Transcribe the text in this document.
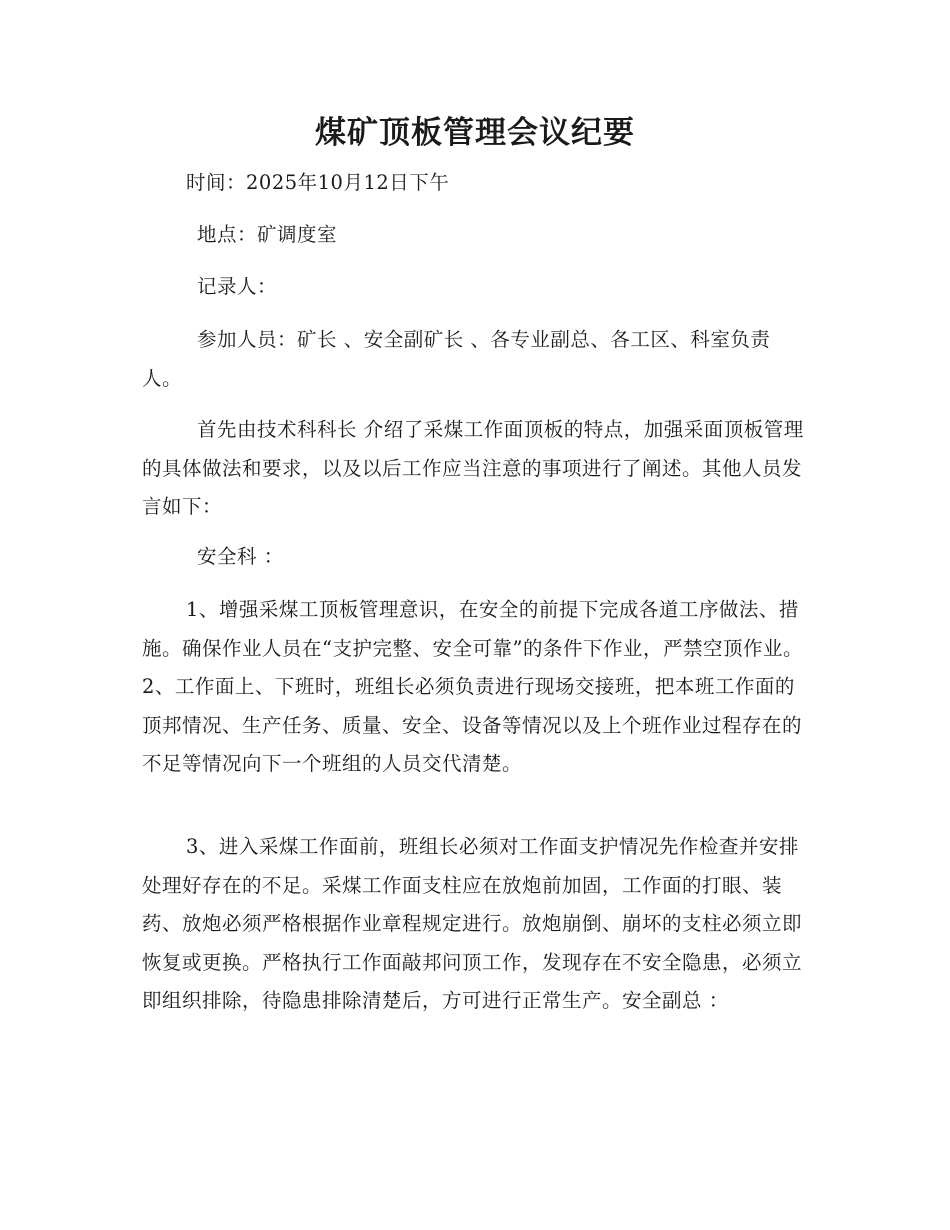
煤矿顶板管理会议纪要
时间：2025年10月12日下午
地点：矿调度室
记录人：

参加人员：矿长 、安全副矿长 、各专业副总、各工区、科室负责人。

首先由技术科科长 介绍了采煤工作面顶板的特点，加强采面顶板管理的具体做法和要求，以及以后工作应当注意的事项进行了阐述。其他人员发言如下：

安全科 ：

1、增强采煤工顶板管理意识，在安全的前提下完成各道工序做法、措施。确保作业人员在“支护完整、安全可靠”的条件下作业，严禁空顶作业。2、工作面上、下班时，班组长必须负责进行现场交接班，把本班工作面的顶邦情况、生产任务、质量、安全、设备等情况以及上个班作业过程存在的不足等情况向下一个班组的人员交代清楚。

3、进入采煤工作面前，班组长必须对工作面支护情况先作检查并安排处理好存在的不足。采煤工作面支柱应在放炮前加固，工作面的打眼、装药、放炮必须严格根据作业章程规定进行。放炮崩倒、崩坏的支柱必须立即恢复或更换。严格执行工作面敲邦问顶工作，发现存在不安全隐患，必须立即组织排除，待隐患排除清楚后，方可进行正常生产。安全副总 ：
